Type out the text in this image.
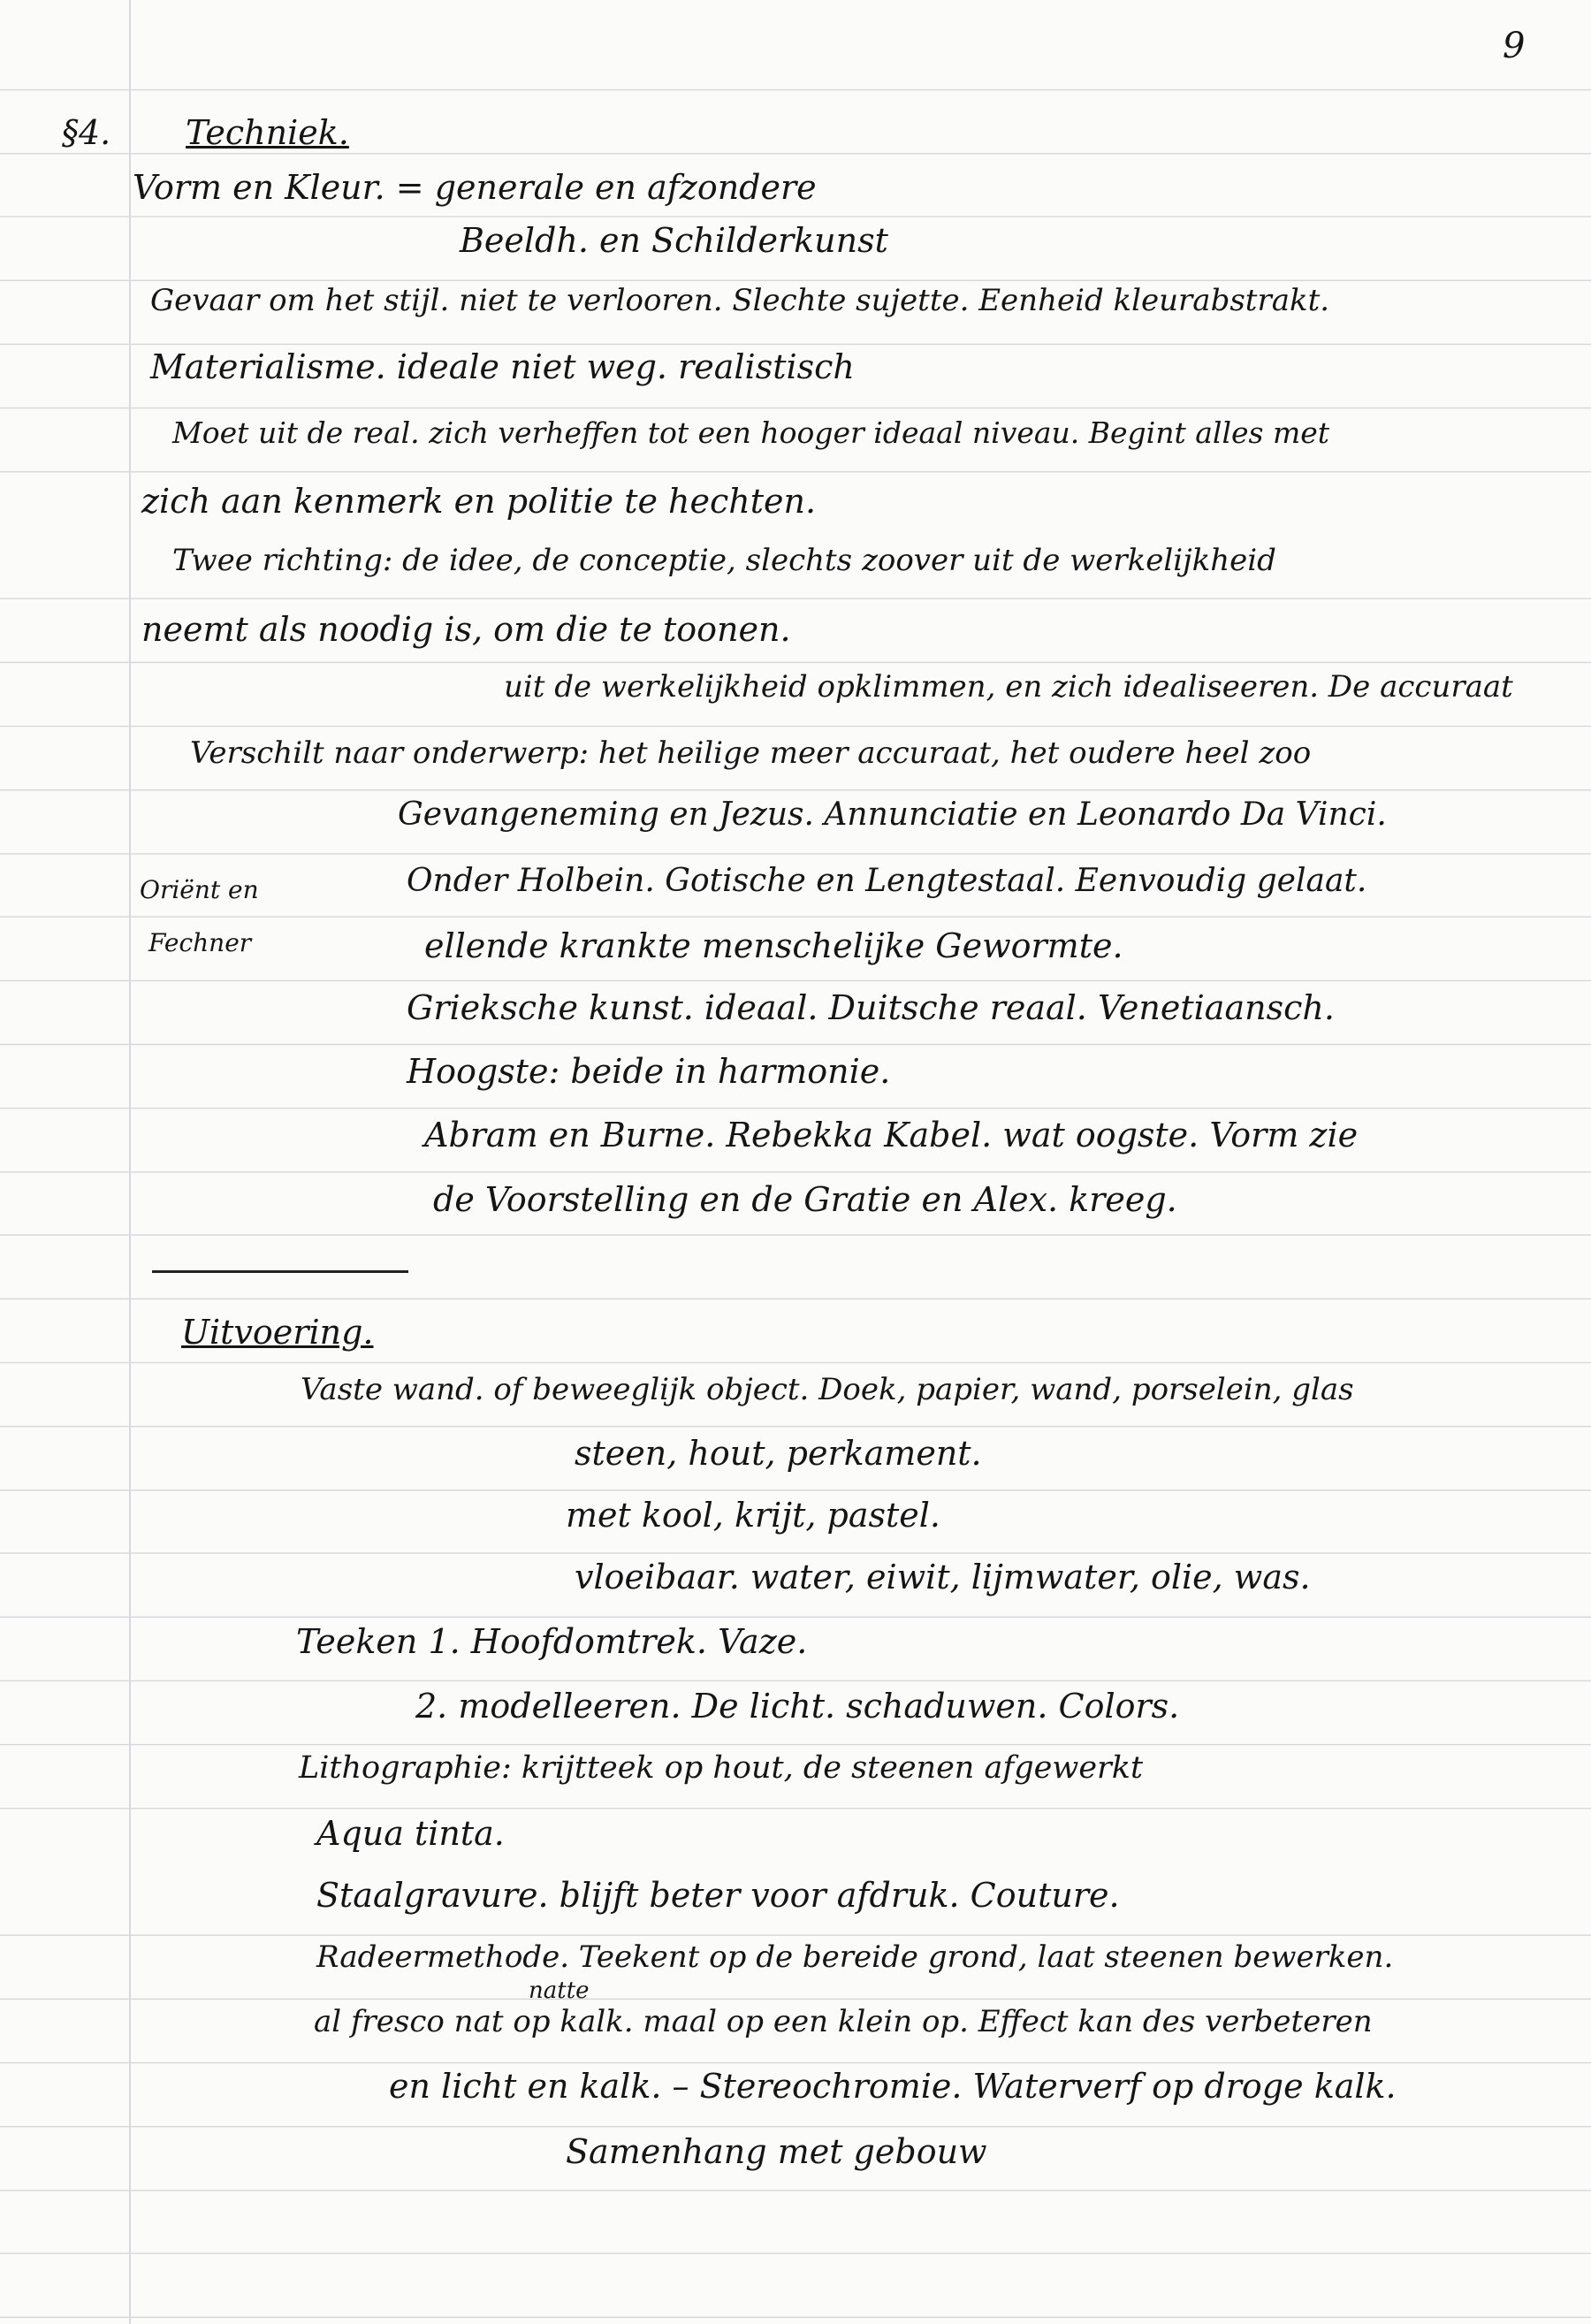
9
§4. Techniek.
Vorm en Kleur. = generale en afzondere
Beeldh. en Schilderkunst
Gevaar om het stijl. niet te verlooren. Slechte sujette. Eenheid kleurabstrakt.
Materialisme. ideale niet weg. realistisch
Moet uit de real. zich verheffen tot een hooger ideaal niveau. Begint alles met
zich aan kenmerk en politie te hechten.
Twee richting: de idee, de conceptie, slechts zoover uit de werkelijkheid
neemt als noodig is, om die te toonen.
uit de werkelijkheid opklimmen, en zich idealiseeren. De accuraat
Verschilt naar onderwerp: het heilige meer accuraat, het oudere heel zoo
Gevangeneming en Jezus. Annunciatie en Leonardo Da Vinci.
Oriënt en
Fechner
Onder Holbein. Gotische en Lengtestaal. Eenvoudig gelaat.
ellende krankte menschelijke Gewormte.
Grieksche kunst. ideaal. Duitsche reaal. Venetiaansch.
Hoogste: beide in harmonie.
Abram en Burne. Rebekka Kabel. wat oogste. Vorm zie
de Voorstelling en de Gratie en Alex. kreeg.
Uitvoering.
Vaste wand. of beweeglijk object. Doek, papier, wand, porselein, glas
steen, hout, perkament.
met kool, krijt, pastel.
vloeibaar. water, eiwit, lijmwater, olie, was.
Teeken 1. Hoofdomtrek. Vaze.
2. modelleeren. De licht. schaduwen. Colors.
Lithographie: krijtteek op hout, de steenen afgewerkt
Aqua tinta.
Staalgravure. blijft beter voor afdruk. Couture.
Radeermethode. Teekent op de bereide grond, laat steenen bewerken.
natte
al fresco nat op kalk. maal op een klein op. Effect kan des verbeteren
en licht en kalk. – Stereochromie. Waterverf op droge kalk.
Samenhang met gebouw
